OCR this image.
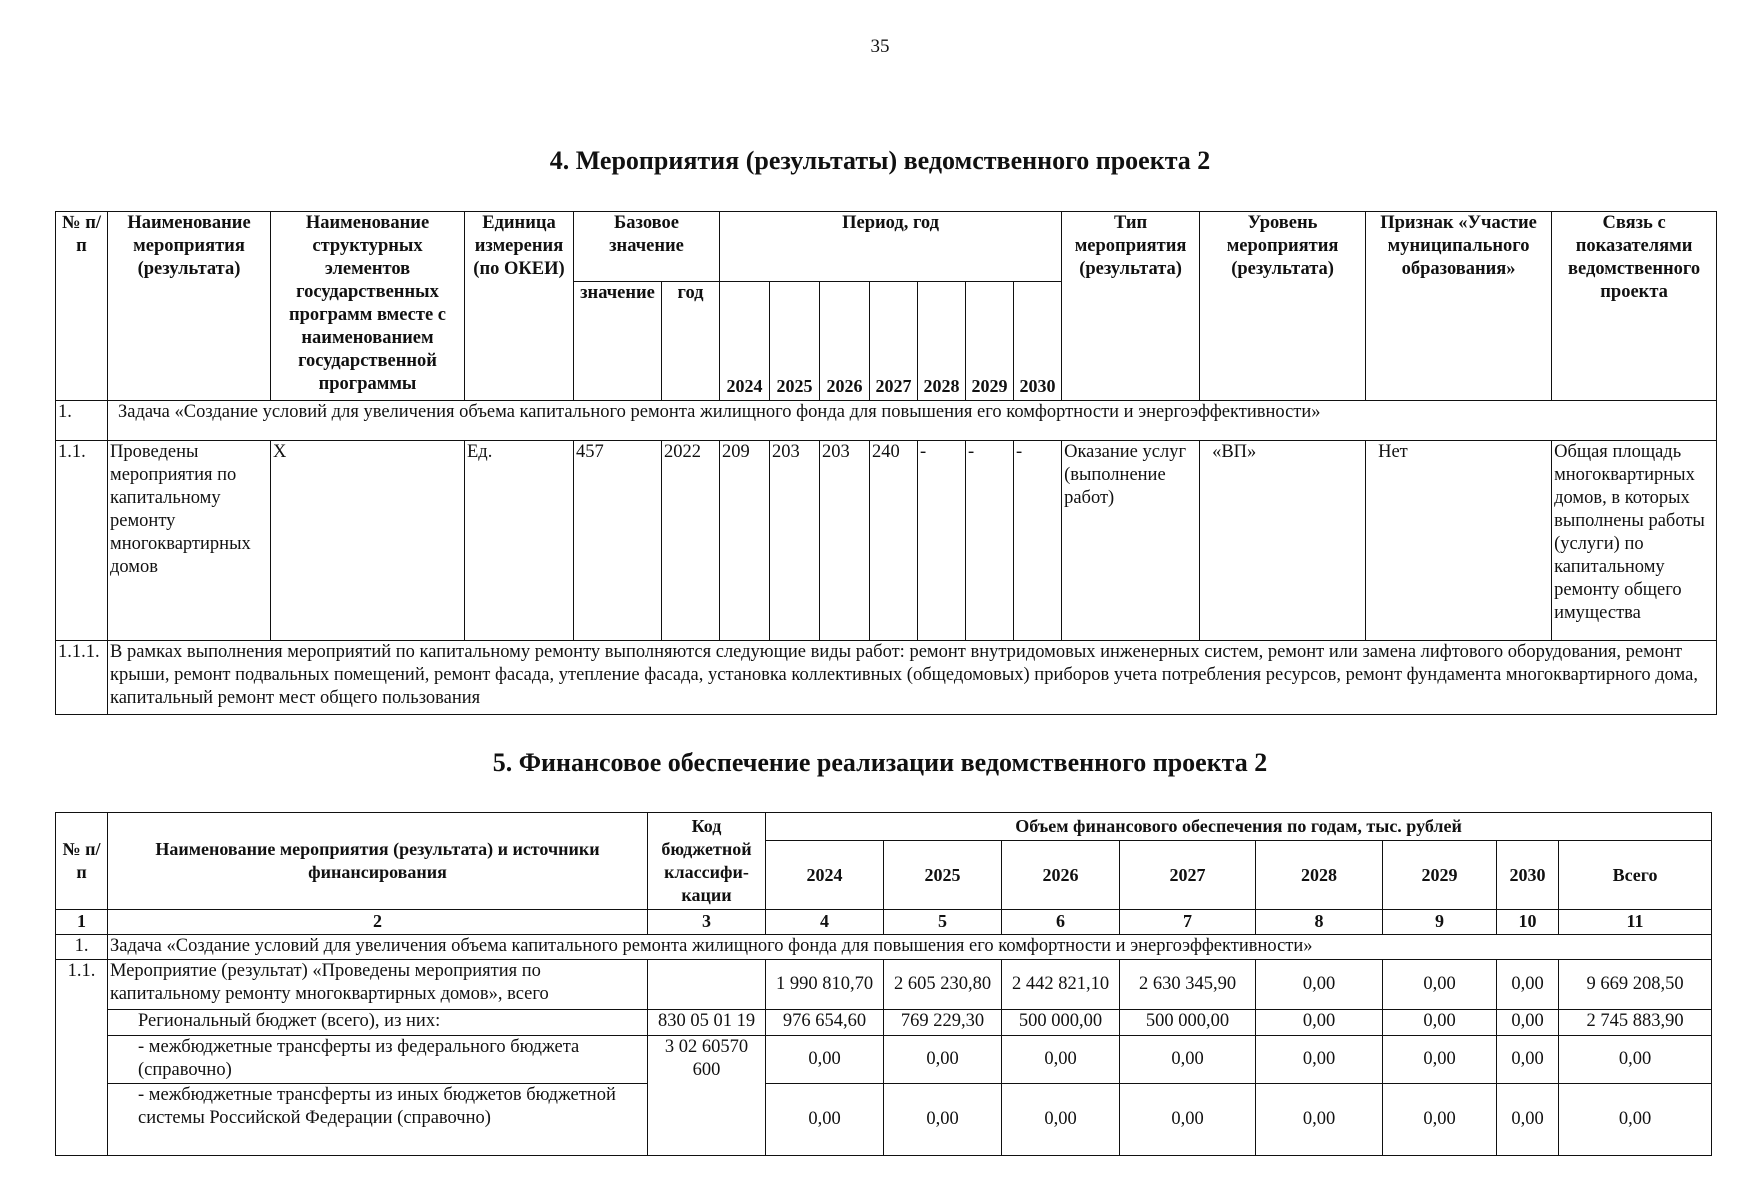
35
4. Мероприятия (результаты) ведомственного проекта 2
№ п/п	Наименование мероприятия (результата)	Наименование структурных элементов государственных программ вместе с наименованием государственной программы	Единица измерения (по ОКЕИ)	Базовое значение		Период, год							Тип мероприятия (результата)	Уровень мероприятия (результата)	Признак «Участие муниципального образования»	Связь с показателями ведомственного проекта
				значение	год	2024	2025	2026	2027	2028	2029	2030				
1.	Задача «Создание условий для увеличения объема капитального ремонта жилищного фонда для повышения его комфортности и энергоэффективности»															
1.1.	Проведены мероприятия по капитальному ремонту многоквартирных домов	X	Ед.	457	2022	209	203	203	240	-	-	-	Оказание услуг (выполнение работ)	«ВП»	Нет	Общая площадь многоквартирных домов, в которых выполнены работы (услуги) по капитальному ремонту общего имущества
1.1.1.	В рамках выполнения мероприятий по капитальному ремонту выполняются следующие виды работ: ремонт внутридомовых инженерных систем, ремонт или замена лифтового оборудования, ремонт крыши, ремонт подвальных помещений, ремонт фасада, утепление фасада, установка коллективных (общедомовых) приборов учета потребления ресурсов, ремонт фундамента многоквартирного дома, капитальный ремонт мест общего пользования															
5. Финансовое обеспечение реализации ведомственного проекта 2
№ п/п	Наименование мероприятия (результата) и источники финансирования	Код бюджетной классифи-кации	Объем финансового обеспечения по годам, тыс. рублей							
			2024	2025	2026	2027	2028	2029	2030	Всего
1	2	3	4	5	6	7	8	9	10	11
1.	Задача «Создание условий для увеличения объема капитального ремонта жилищного фонда для повышения его комфортности и энергоэффективности»									
1.1.	Мероприятие (результат) «Проведены мероприятия по капитальному ремонту многоквартирных домов», всего		1 990 810,70	2 605 230,80	2 442 821,10	2 630 345,90	0,00	0,00	0,00	9 669 208,50
	Региональный бюджет (всего), из них:	830 05 01 19	976 654,60	769 229,30	500 000,00	500 000,00	0,00	0,00	0,00	2 745 883,90
	- межбюджетные трансферты из федерального бюджета (справочно)	3 02 60570 600	0,00	0,00	0,00	0,00	0,00	0,00	0,00	0,00
	- межбюджетные трансферты из иных бюджетов бюджетной системы Российской Федерации (справочно)		0,00	0,00	0,00	0,00	0,00	0,00	0,00	0,00
